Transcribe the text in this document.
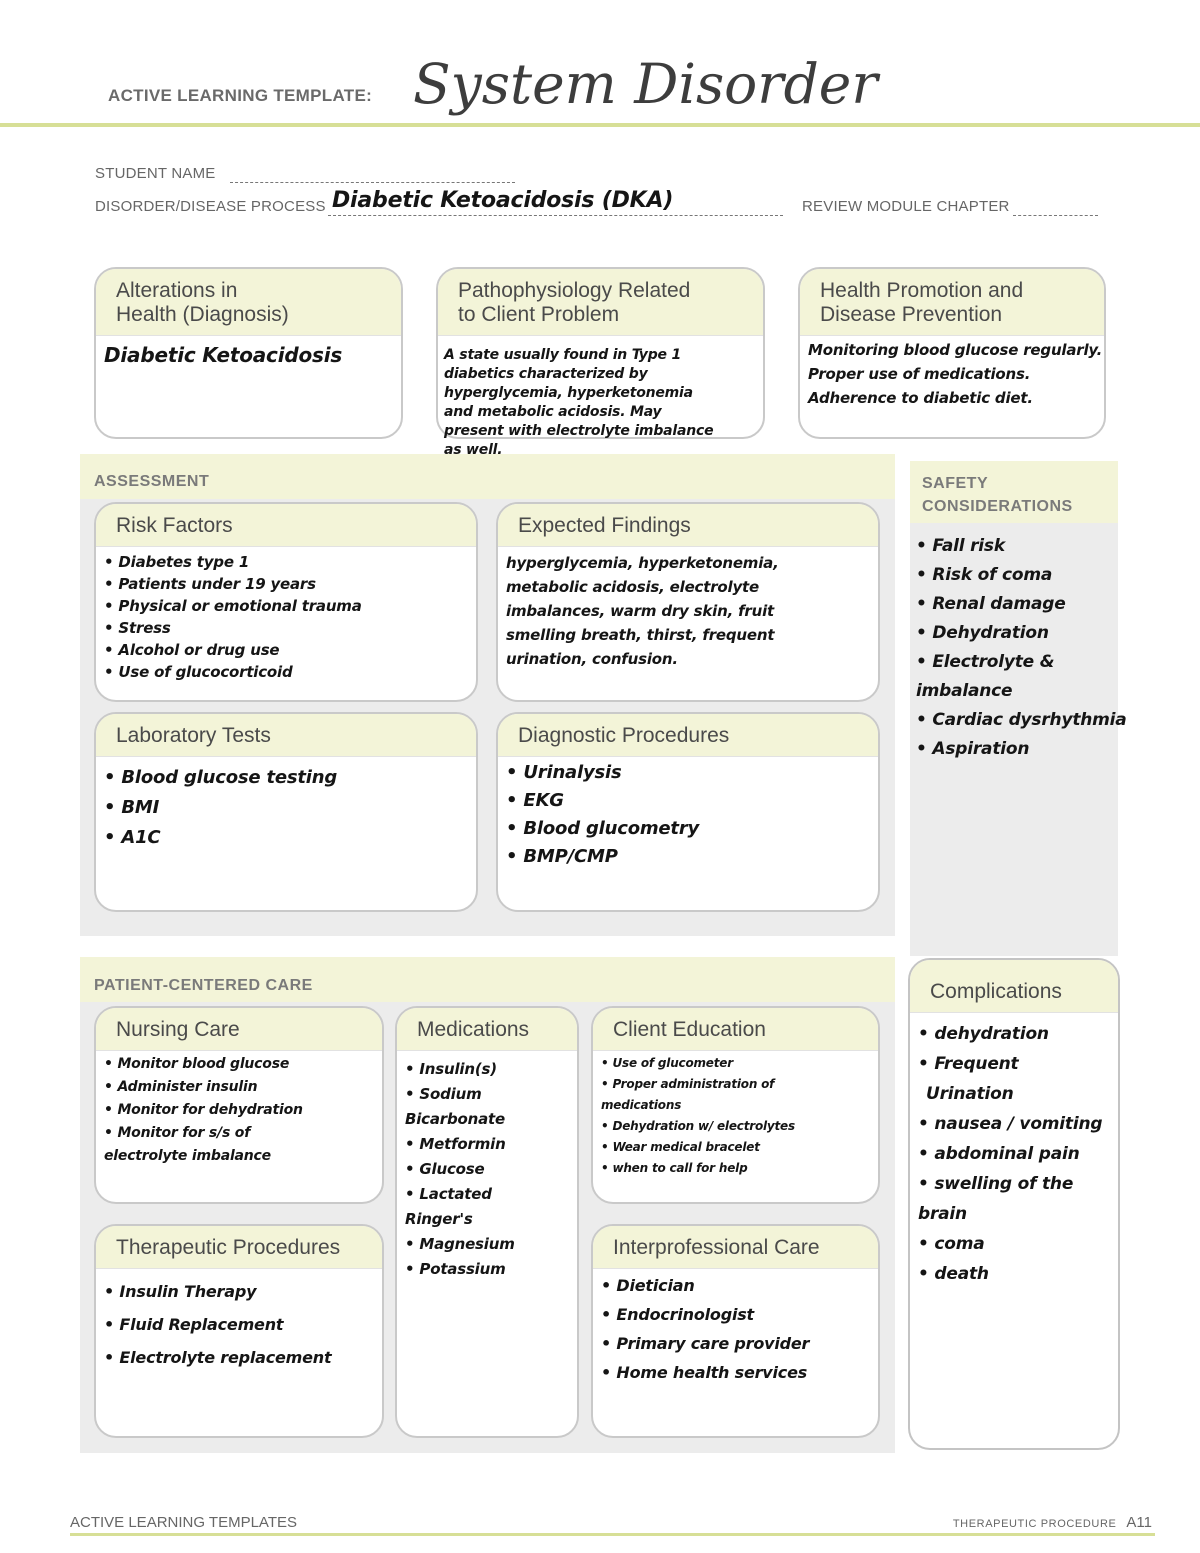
ACTIVE LEARNING TEMPLATE: System Disorder
STUDENT NAME
DISORDER/DISEASE PROCESS Diabetic Ketoacidosis (DKA)	REVIEW MODULE CHAPTER
Alterations in
Health (Diagnosis)
Diabetic Ketoacidosis
Pathophysiology Related
to Client Problem
A state usually found in Type 1
diabetics characterized by
hyperglycemia, hyperketonemia
and metabolic acidosis. May
present with electrolyte imbalance
as well.
Health Promotion and
Disease Prevention
Monitoring blood glucose regularly.
Proper use of medications.
Adherence to diabetic diet.
ASSESSMENT
Risk Factors
• Diabetes type 1
• Patients under 19 years
• Physical or emotional trauma
• Stress
• Alcohol or drug use
• Use of glucocorticoid
Expected Findings
hyperglycemia, hyperketonemia,
metabolic acidosis, electrolyte
imbalances, warm dry skin, fruit
smelling breath, thirst, frequent
urination, confusion.
Laboratory Tests
• Blood glucose testing
• BMI
• A1C
Diagnostic Procedures
• Urinalysis
• EKG
• Blood glucometry
• BMP/CMP
SAFETY
CONSIDERATIONS
• Fall risk
• Risk of coma
• Renal damage
• Dehydration
• Electrolyte &
imbalance
• Cardiac dysrhythmia
• Aspiration
PATIENT-CENTERED CARE
Nursing Care
• Monitor blood glucose
• Administer insulin
• Monitor for dehydration
• Monitor for s/s of
electrolyte imbalance
Medications
• Insulin(s)
• Sodium
Bicarbonate
• Metformin
• Glucose
• Lactated
Ringer's
• Magnesium
• Potassium
Client Education
• Use of glucometer
• Proper administration of
medications
• Dehydration w/ electrolytes
• Wear medical bracelet
• when to call for help
Therapeutic Procedures
• Insulin Therapy
• Fluid Replacement
• Electrolyte replacement
Interprofessional Care
• Dietician
• Endocrinologist
• Primary care provider
• Home health services
Complications
• dehydration
• Frequent
Urination
• nausea / vomiting
• abdominal pain
• swelling of the
brain
• coma
• death
ACTIVE LEARNING TEMPLATES	THERAPEUTIC PROCEDURE A11
